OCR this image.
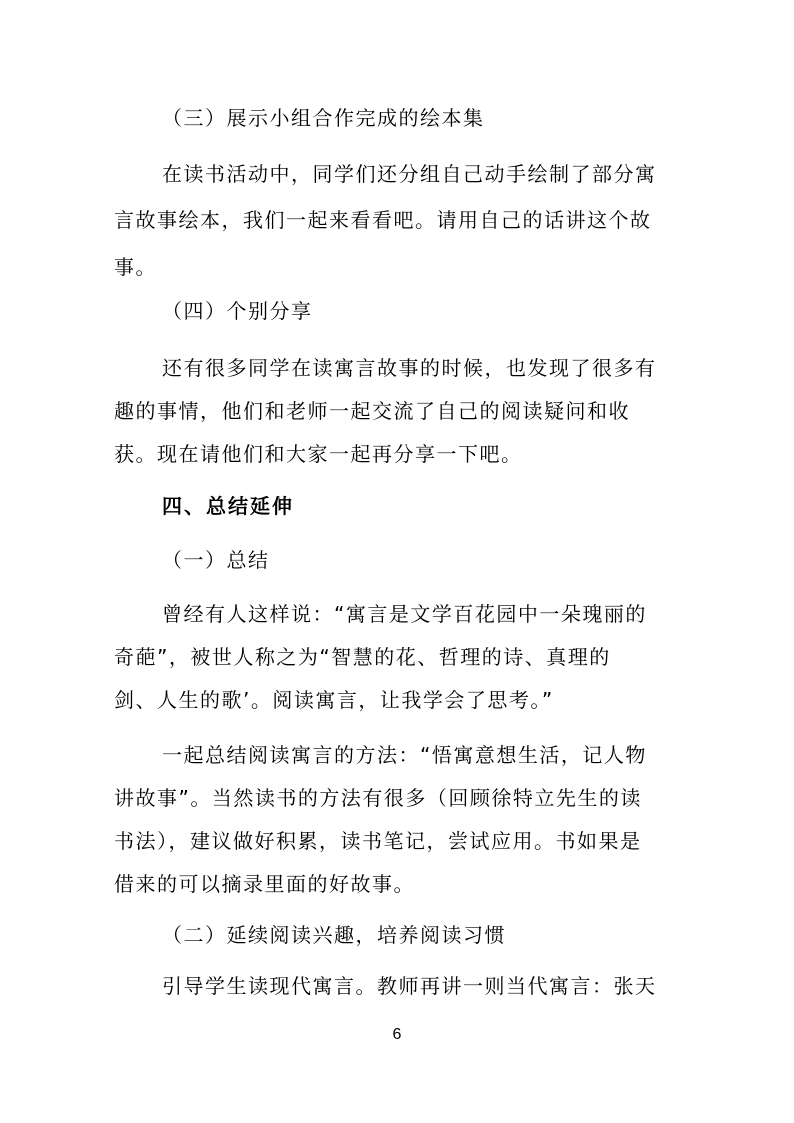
（三）展示小组合作完成的绘本集
在读书活动中，同学们还分组自己动手绘制了部分寓
言故事绘本，我们一起来看看吧。请用自己的话讲这个故
事。
（四）个别分享
还有很多同学在读寓言故事的时候，也发现了很多有
趣的事情，他们和老师一起交流了自己的阅读疑问和收
获。现在请他们和大家一起再分享一下吧。
四、总结延伸
（一）总结
曾经有人这样说：“寓言是文学百花园中一朵瑰丽的
奇葩”，被世人称之为“智慧的花、哲理的诗、真理的
剑、人生的歌’。阅读寓言，让我学会了思考。”
一起总结阅读寓言的方法：“悟寓意想生活，记人物
讲故事”。当然读书的方法有很多（回顾徐特立先生的读
书法），建议做好积累，读书笔记，尝试应用。书如果是
借来的可以摘录里面的好故事。
（二）延续阅读兴趣，培养阅读习惯
引导学生读现代寓言。教师再讲一则当代寓言：张天
6
